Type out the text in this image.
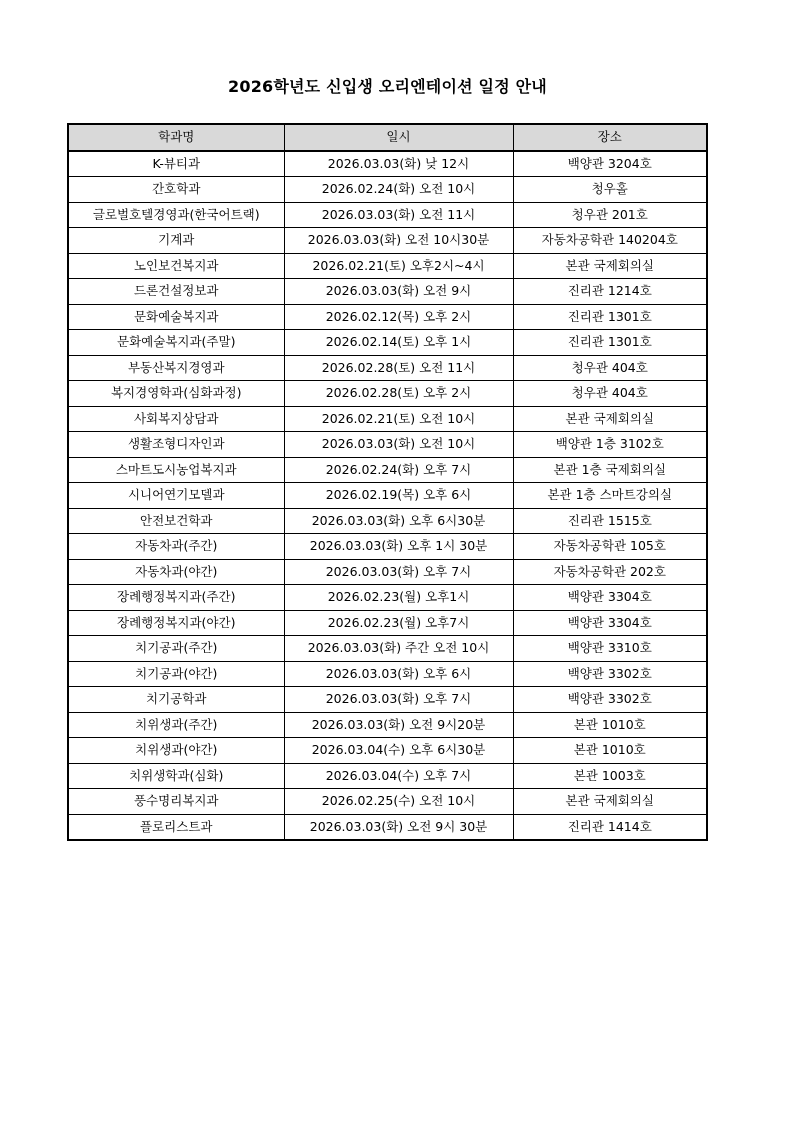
2026학년도 신입생 오리엔테이션 일정 안내
학과명	일시	장소
K-뷰티과	2026.03.03(화) 낮 12시	백양관 3204호
간호학과	2026.02.24(화) 오전 10시	청우홀
글로벌호텔경영과(한국어트랙)	2026.03.03(화) 오전 11시	청우관 201호
기계과	2026.03.03(화) 오전 10시30분	자동차공학관 140204호
노인보건복지과	2026.02.21(토) 오후2시~4시	본관 국제회의실
드론건설정보과	2026.03.03(화) 오전 9시	진리관 1214호
문화예술복지과	2026.02.12(목) 오후 2시	진리관 1301호
문화예술복지과(주말)	2026.02.14(토) 오후 1시	진리관 1301호
부동산복지경영과	2026.02.28(토) 오전 11시	청우관 404호
복지경영학과(심화과정)	2026.02.28(토) 오후 2시	청우관 404호
사회복지상담과	2026.02.21(토) 오전 10시	본관 국제회의실
생활조형디자인과	2026.03.03(화) 오전 10시	백양관 1층 3102호
스마트도시농업복지과	2026.02.24(화) 오후 7시	본관 1층 국제회의실
시니어연기모델과	2026.02.19(목) 오후 6시	본관 1층 스마트강의실
안전보건학과	2026.03.03(화) 오후 6시30분	진리관 1515호
자동차과(주간)	2026.03.03(화) 오후 1시 30분	자동차공학관 105호
자동차과(야간)	2026.03.03(화) 오후 7시	자동차공학관 202호
장례행정복지과(주간)	2026.02.23(월) 오후1시	백양관 3304호
장례행정복지과(야간)	2026.02.23(월) 오후7시	백양관 3304호
치기공과(주간)	2026.03.03(화) 주간 오전 10시	백양관 3310호
치기공과(야간)	2026.03.03(화) 오후 6시	백양관 3302호
치기공학과	2026.03.03(화) 오후 7시	백양관 3302호
치위생과(주간)	2026.03.03(화) 오전 9시20분	본관 1010호
치위생과(야간)	2026.03.04(수) 오후 6시30분	본관 1010호
치위생학과(심화)	2026.03.04(수) 오후 7시	본관 1003호
풍수명리복지과	2026.02.25(수) 오전 10시	본관 국제회의실
플로리스트과	2026.03.03(화) 오전 9시 30분	진리관 1414호
